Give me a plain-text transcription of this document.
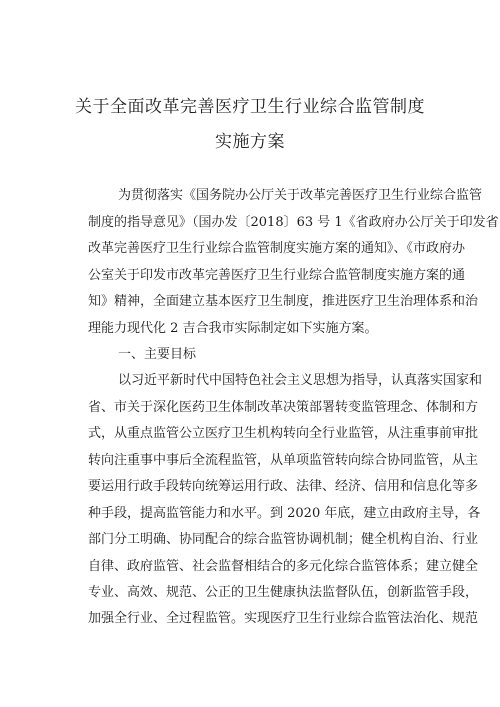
关于全面改革完善医疗卫生行业综合监管制度
实施方案
为贯彻落实《国务院办公厅关于改革完善医疗卫生行业综合监管
制度的指导意见》（国办发〔2018〕63 号 1《省政府办公厅关于印发省
改革完善医疗卫生行业综合监管制度实施方案的通知》、《市政府办
公室关于印发市改革完善医疗卫生行业综合监管制度实施方案的通
知》精神，全面建立基本医疗卫生制度，推进医疗卫生治理体系和治
理能力现代化 2 吉合我市实际制定如下实施方案。
一、主要目标
以习近平新时代中国特色社会主义思想为指导，认真落实国家和
省、市关于深化医药卫生体制改革决策部署转变监管理念、体制和方
式，从重点监管公立医疗卫生机构转向全行业监管，从注重事前审批
转向注重事中事后全流程监管，从单项监管转向综合协同监管，从主
要运用行政手段转向统筹运用行政、法律、经济、信用和信息化等多
种手段，提高监管能力和水平。到 2020 年底，建立由政府主导，各
部门分工明确、协同配合的综合监管协调机制；健全机构自治、行业
自律、政府监管、社会监督相结合的多元化综合监管体系；建立健全
专业、高效、规范、公正的卫生健康执法监督队伍，创新监管手段，
加强全行业、全过程监管。实现医疗卫生行业综合监管法治化、规范
